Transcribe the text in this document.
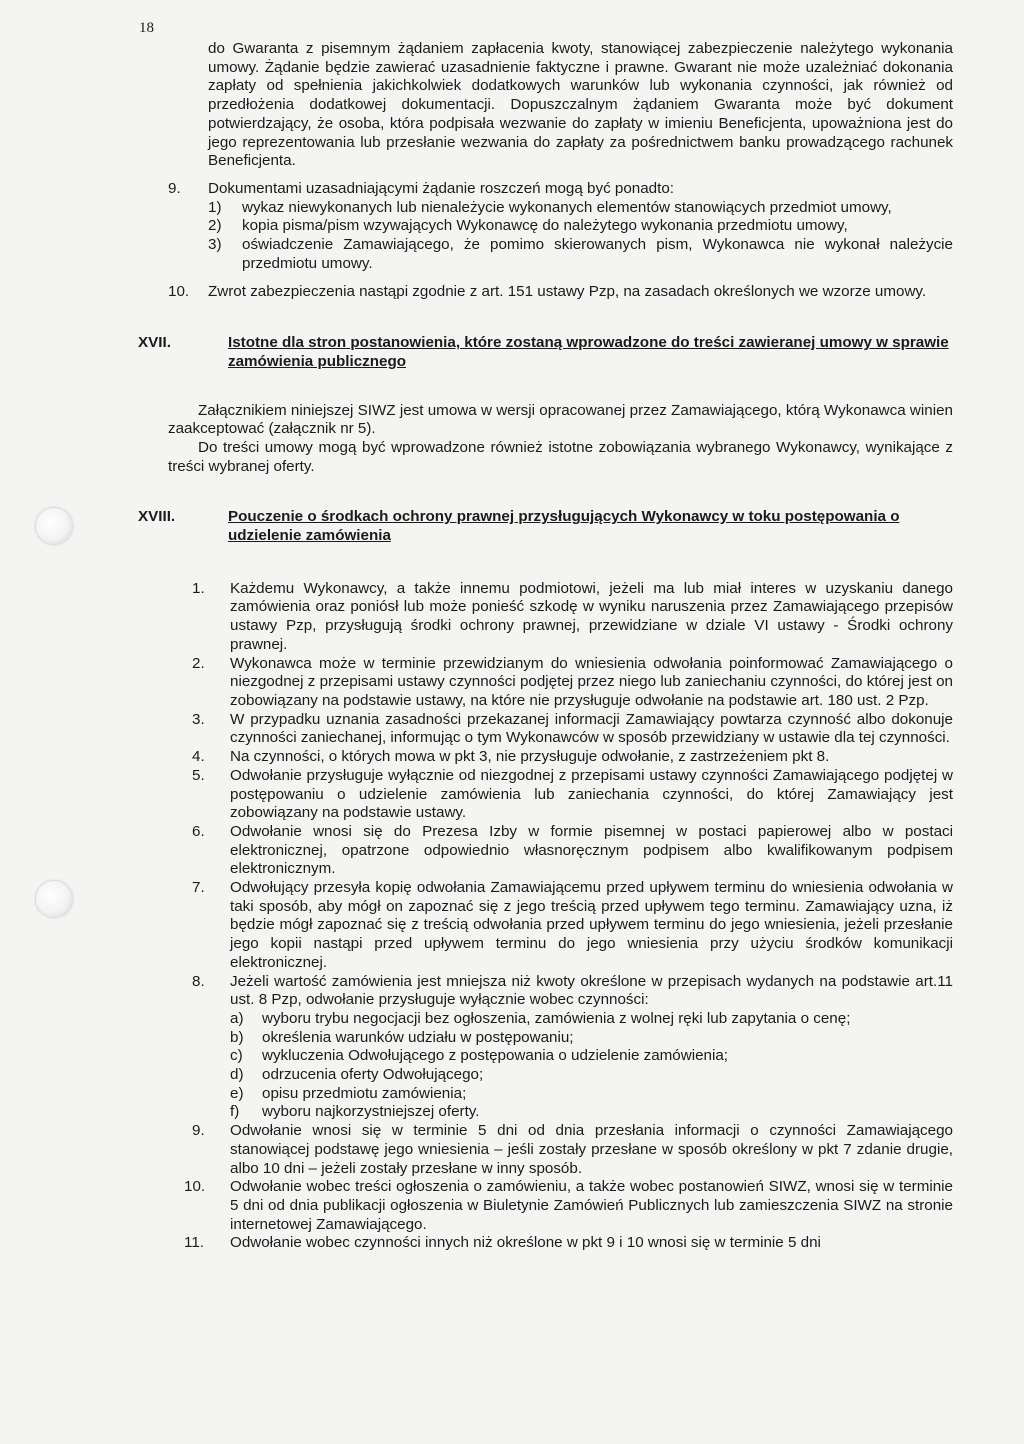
18

do Gwaranta z pisemnym żądaniem zapłacenia kwoty, stanowiącej zabezpieczenie należytego wykonania umowy. Żądanie będzie zawierać uzasadnienie faktyczne i prawne. Gwarant nie może uzależniać dokonania zapłaty od spełnienia jakichkolwiek dodatkowych warunków lub wykonania czynności, jak również od przedłożenia dodatkowej dokumentacji. Dopuszczalnym żądaniem Gwaranta może być dokument potwierdzający, że osoba, która podpisała wezwanie do zapłaty w imieniu Beneficjenta, upoważniona jest do jego reprezentowania lub przesłanie wezwania do zapłaty za pośrednictwem banku prowadzącego rachunek Beneficjenta.

9.	Dokumentami uzasadniającymi żądanie roszczeń mogą być ponadto:
1)	wykaz niewykonanych lub nienależycie wykonanych elementów stanowiących przedmiot umowy,
2)	kopia pisma/pism wzywających Wykonawcę do należytego wykonania przedmiotu umowy,
3)	oświadczenie Zamawiającego, że pomimo skierowanych pism, Wykonawca nie wykonał należycie przedmiotu umowy.
10.	Zwrot zabezpieczenia nastąpi zgodnie z art. 151 ustawy Pzp, na zasadach określonych we wzorze umowy.
XVII.	Istotne dla stron postanowienia, które zostaną wprowadzone do treści zawieranej umowy w sprawie zamówienia publicznego

Załącznikiem niniejszej SIWZ jest umowa w wersji opracowanej przez Zamawiającego, którą Wykonawca winien zaakceptować (załącznik nr 5).

Do treści umowy mogą być wprowadzone również istotne zobowiązania wybranego Wykonawcy, wynikające z treści wybranej oferty.

XVIII.	Pouczenie o środkach ochrony prawnej przysługujących Wykonawcy w toku postępowania o udzielenie zamówienia
1.	Każdemu Wykonawcy, a także innemu podmiotowi, jeżeli ma lub miał interes w uzyskaniu danego zamówienia oraz poniósł lub może ponieść szkodę w wyniku naruszenia przez Zamawiającego przepisów ustawy Pzp, przysługują środki ochrony prawnej, przewidziane w dziale VI ustawy - Środki ochrony prawnej.
2.	Wykonawca może w terminie przewidzianym do wniesienia odwołania poinformować Zamawiającego o niezgodnej z przepisami ustawy czynności podjętej przez niego lub zaniechaniu czynności, do której jest on zobowiązany na podstawie ustawy, na które nie przysługuje odwołanie na podstawie art. 180 ust. 2 Pzp.
3.	W przypadku uznania zasadności przekazanej informacji Zamawiający powtarza czynność albo dokonuje czynności zaniechanej, informując o tym Wykonawców w sposób przewidziany w ustawie dla tej czynności.
4.	Na czynności, o których mowa w pkt 3, nie przysługuje odwołanie, z zastrzeżeniem pkt 8.
5.	Odwołanie przysługuje wyłącznie od niezgodnej z przepisami ustawy czynności Zamawiającego podjętej w postępowaniu o udzielenie zamówienia lub zaniechania czynności, do której Zamawiający jest zobowiązany na podstawie ustawy.
6.	Odwołanie wnosi się do Prezesa Izby w formie pisemnej w postaci papierowej albo w postaci elektronicznej, opatrzone odpowiednio własnoręcznym podpisem albo kwalifikowanym podpisem elektronicznym.
7.	Odwołujący przesyła kopię odwołania Zamawiającemu przed upływem terminu do wniesienia odwołania w taki sposób, aby mógł on zapoznać się z jego treścią przed upływem tego terminu. Zamawiający uzna, iż będzie mógł zapoznać się z treścią odwołania przed upływem terminu do jego wniesienia, jeżeli przesłanie jego kopii nastąpi przed upływem terminu do jego wniesienia przy użyciu środków komunikacji elektronicznej.
8.	Jeżeli wartość zamówienia jest mniejsza niż kwoty określone w przepisach wydanych na podstawie art.11 ust. 8 Pzp, odwołanie przysługuje wyłącznie wobec czynności:
a)	wyboru trybu negocjacji bez ogłoszenia, zamówienia z wolnej ręki lub zapytania o cenę;
b)	określenia warunków udziału w postępowaniu;
c)	wykluczenia Odwołującego z postępowania o udzielenie zamówienia;
d)	odrzucenia oferty Odwołującego;
e)	opisu przedmiotu zamówienia;
f)	wyboru najkorzystniejszej oferty.
9.	Odwołanie wnosi się w terminie 5 dni od dnia przesłania informacji o czynności Zamawiającego stanowiącej podstawę jego wniesienia – jeśli zostały przesłane w sposób określony w pkt 7 zdanie drugie, albo 10 dni – jeżeli zostały przesłane w inny sposób.
10.	Odwołanie wobec treści ogłoszenia o zamówieniu, a także wobec postanowień SIWZ, wnosi się w terminie 5 dni od dnia publikacji ogłoszenia w Biuletynie Zamówień Publicznych lub zamieszczenia SIWZ na stronie internetowej Zamawiającego.
11.	Odwołanie wobec czynności innych niż określone w pkt 9 i 10 wnosi się w terminie 5 dni
